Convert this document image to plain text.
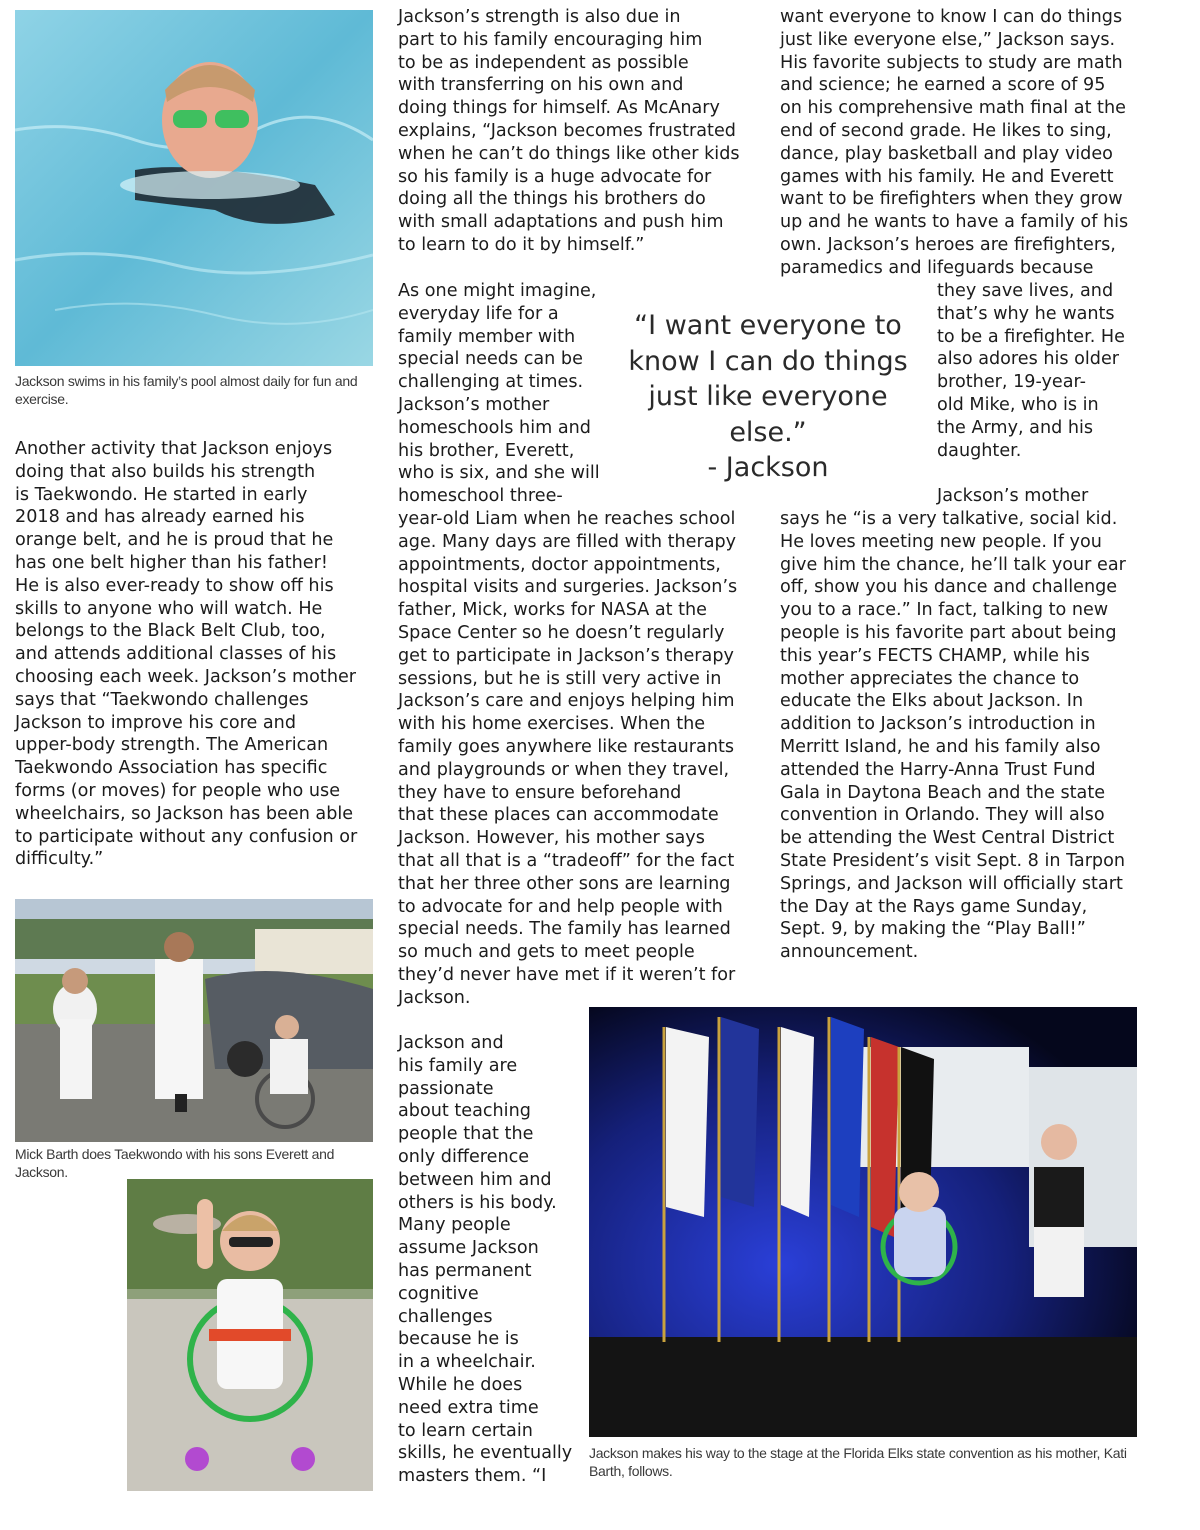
Jackson swims in his family’s pool almost daily for fun and exercise.

Another activity that Jackson enjoys
doing that also builds his strength
is Taekwondo. He started in early
2018 and has already earned his
orange belt, and he is proud that he
has one belt higher than his father!
He is also ever-ready to show off his
skills to anyone who will watch. He
belongs to the Black Belt Club, too,
and attends additional classes of his
choosing each week. Jackson’s mother
says that “Taekwondo challenges
Jackson to improve his core and
upper-body strength. The American
Taekwondo Association has specific
forms (or moves) for people who use
wheelchairs, so Jackson has been able
to participate without any confusion or
difficulty.”

Mick Barth does Taekwondo with his sons Everett and Jackson.

Jackson’s strength is also due in
part to his family encouraging him
to be as independent as possible
with transferring on his own and
doing things for himself. As McAnary
explains, “Jackson becomes frustrated
when he can’t do things like other kids
so his family is a huge advocate for
doing all the things his brothers do
with small adaptations and push him
to learn to do it by himself.”

As one might imagine,
everyday life for a
family member with
special needs can be
challenging at times.
Jackson’s mother
homeschools him and
his brother, Everett,
who is six, and she will
homeschool three-

year-old Liam when he reaches school
age. Many days are filled with therapy
appointments, doctor appointments,
hospital visits and surgeries. Jackson’s
father, Mick, works for NASA at the
Space Center so he doesn’t regularly
get to participate in Jackson’s therapy
sessions, but he is still very active in
Jackson’s care and enjoys helping him
with his home exercises. When the
family goes anywhere like restaurants
and playgrounds or when they travel,
they have to ensure beforehand
that these places can accommodate
Jackson. However, his mother says
that all that is a “tradeoff” for the fact
that her three other sons are learning
to advocate for and help people with
special needs. The family has learned
so much and gets to meet people
they’d never have met if it weren’t for
Jackson.

Jackson and
his family are
passionate
about teaching
people that the
only difference
between him and
others is his body.
Many people
assume Jackson
has permanent
cognitive
challenges
because he is
in a wheelchair.
While he does
need extra time
to learn certain
skills, he eventually
masters them. “I

“I want everyone to know I can do things just like everyone else.”

- Jackson

want everyone to know I can do things
just like everyone else,” Jackson says.
His favorite subjects to study are math
and science; he earned a score of 95
on his comprehensive math final at the
end of second grade. He likes to sing,
dance, play basketball and play video
games with his family. He and Everett
want to be firefighters when they grow
up and he wants to have a family of his
own. Jackson’s heroes are firefighters,
paramedics and lifeguards because

they save lives, and
that’s why he wants
to be a firefighter. He
also adores his older
brother, 19-year-
old Mike, who is in
the Army, and his
daughter.

Jackson’s mother

says he “is a very talkative, social kid.
He loves meeting new people. If you
give him the chance, he’ll talk your ear
off, show you his dance and challenge
you to a race.” In fact, talking to new
people is his favorite part about being
this year’s FECTS CHAMP, while his
mother appreciates the chance to
educate the Elks about Jackson. In
addition to Jackson’s introduction in
Merritt Island, he and his family also
attended the Harry-Anna Trust Fund
Gala in Daytona Beach and the state
convention in Orlando. They will also
be attending the West Central District
State President’s visit Sept. 8 in Tarpon
Springs, and Jackson will officially start
the Day at the Rays game Sunday,
Sept. 9, by making the “Play Ball!”
announcement.

Jackson makes his way to the stage at the Florida Elks state convention as his mother, Kati Barth, follows.
